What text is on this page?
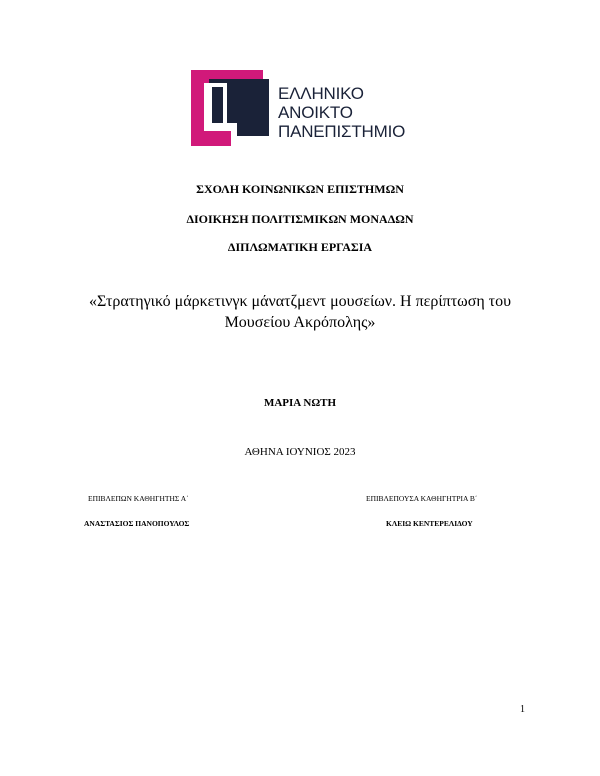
ΕΛΛΗΝΙΚΟ
ΑΝΟΙΚΤΟ
ΠΑΝΕΠΙΣΤΗΜΙΟ
ΣΧΟΛΗ ΚΟΙΝΩΝΙΚΩΝ ΕΠΙΣΤΗΜΩΝ
ΔΙΟΙΚΗΣΗ ΠΟΛΙΤΙΣΜΙΚΩΝ ΜΟΝΑΔΩΝ
ΔΙΠΛΩΜΑΤΙΚΗ ΕΡΓΑΣΙΑ
«Στρατηγικό μάρκετινγκ μάνατζμεντ μουσείων. Η περίπτωση του
Μουσείου Ακρόπολης»
ΜΑΡΙΑ ΝΩΤΗ
ΑΘΗΝΑ ΙΟΥΝΙΟΣ 2023
ΕΠΙΒΛΕΠΩΝ ΚΑΘΗΓΗΤΗΣ Α΄
ΑΝΑΣΤΑΣΙΟΣ ΠΑΝΟΠΟΥΛΟΣ
ΕΠΙΒΛΕΠΟΥΣΑ ΚΑΘΗΓΗΤΡΙΑ Β΄
ΚΛΕΙΩ ΚΕΝΤΕΡΕΛΙΔΟΥ
1
